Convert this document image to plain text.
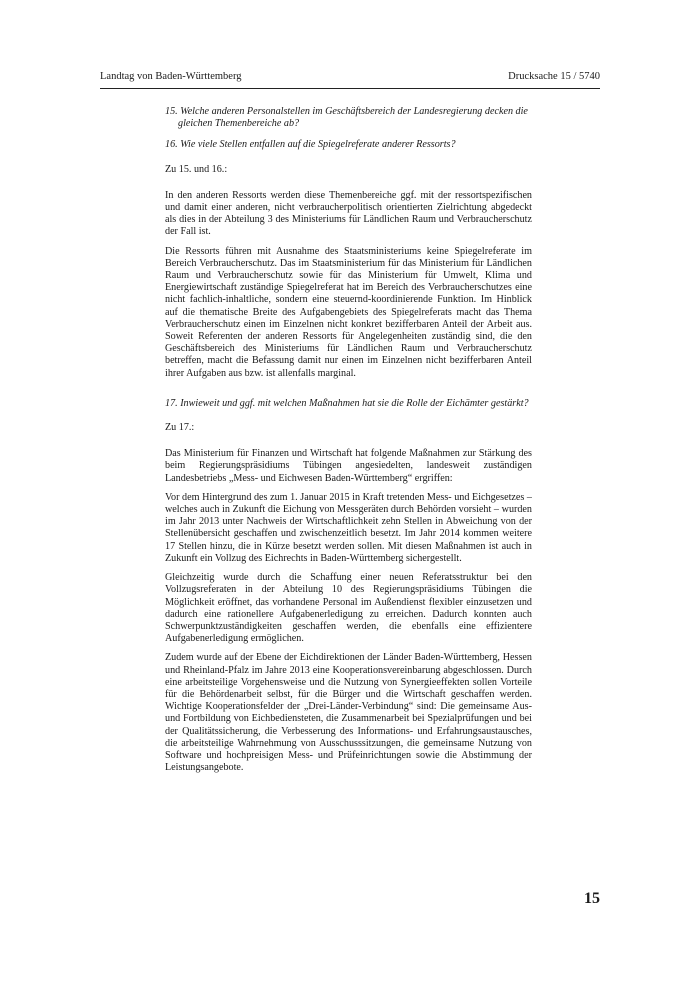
Landtag von Baden-Württemberg	Drucksache 15 / 5740

15. Welche anderen Personalstellen im Geschäftsbereich der Landesregierung decken die gleichen Themenbereiche ab?

16. Wie viele Stellen entfallen auf die Spiegelreferate anderer Ressorts?

Zu 15. und 16.:

In den anderen Ressorts werden diese Themenbereiche ggf. mit der ressortspezifischen und damit einer anderen, nicht verbraucherpolitisch orientierten Zielrichtung abgedeckt als dies in der Abteilung 3 des Ministeriums für Ländlichen Raum und Verbraucherschutz der Fall ist.

Die Ressorts führen mit Ausnahme des Staatsministeriums keine Spiegelreferate im Bereich Verbraucherschutz. Das im Staatsministerium für das Ministerium für Ländlichen Raum und Verbraucherschutz sowie für das Ministerium für Umwelt, Klima und Energiewirtschaft zuständige Spiegelreferat hat im Bereich des Verbraucherschutzes eine nicht fachlich-inhaltliche, sondern eine steuernd-koordinierende Funktion. Im Hinblick auf die thematische Breite des Aufgabengebiets des Spiegelreferats macht das Thema Verbraucherschutz einen im Einzelnen nicht konkret bezifferbaren Anteil der Arbeit aus. Soweit Referenten der anderen Ressorts für Angelegenheiten zuständig sind, die den Geschäftsbereich des Ministeriums für Ländlichen Raum und Verbraucherschutz betreffen, macht die Befassung damit nur einen im Einzelnen nicht bezifferbaren Anteil ihrer Aufgaben aus bzw. ist allenfalls marginal.

17. Inwieweit und ggf. mit welchen Maßnahmen hat sie die Rolle der Eichämter gestärkt?

Zu 17.:

Das Ministerium für Finanzen und Wirtschaft hat folgende Maßnahmen zur Stärkung des beim Regierungspräsidiums Tübingen angesiedelten, landesweit zuständigen Landesbetriebs „Mess- und Eichwesen Baden-Württemberg“ ergriffen:

Vor dem Hintergrund des zum 1. Januar 2015 in Kraft tretenden Mess- und Eichgesetzes – welches auch in Zukunft die Eichung von Messgeräten durch Behörden vorsieht – wurden im Jahr 2013 unter Nachweis der Wirtschaftlichkeit zehn Stellen in Abweichung von der Stellenübersicht geschaffen und zwischenzeitlich besetzt. Im Jahr 2014 kommen weitere 17 Stellen hinzu, die in Kürze besetzt werden sollen. Mit diesen Maßnahmen ist auch in Zukunft ein Vollzug des Eichrechts in Baden-Württemberg sichergestellt.

Gleichzeitig wurde durch die Schaffung einer neuen Referatsstruktur bei den Vollzugsreferaten in der Abteilung 10 des Regierungspräsidiums Tübingen die Möglichkeit eröffnet, das vorhandene Personal im Außendienst flexibler einzusetzen und dadurch eine rationellere Aufgabenerledigung zu erreichen. Dadurch konnten auch Schwerpunktzuständigkeiten geschaffen werden, die ebenfalls eine effizientere Aufgabenerledigung ermöglichen.

Zudem wurde auf der Ebene der Eichdirektionen der Länder Baden-Württemberg, Hessen und Rheinland-Pfalz im Jahre 2013 eine Kooperationsvereinbarung abgeschlossen. Durch eine arbeitsteilige Vorgehensweise und die Nutzung von Synergieeffekten sollen Vorteile für die Behördenarbeit selbst, für die Bürger und die Wirtschaft geschaffen werden. Wichtige Kooperationsfelder der „Drei-Länder-Verbindung“ sind: Die gemeinsame Aus- und Fortbildung von Eichbediensteten, die Zusammenarbeit bei Spezialprüfungen und bei der Qualitätssicherung, die Verbesserung des Informations- und Erfahrungsaustausches, die arbeitsteilige Wahrnehmung von Ausschusssitzungen, die gemeinsame Nutzung von Software und hochpreisigen Mess- und Prüfeinrichtungen sowie die Abstimmung der Leistungsangebote.

15
